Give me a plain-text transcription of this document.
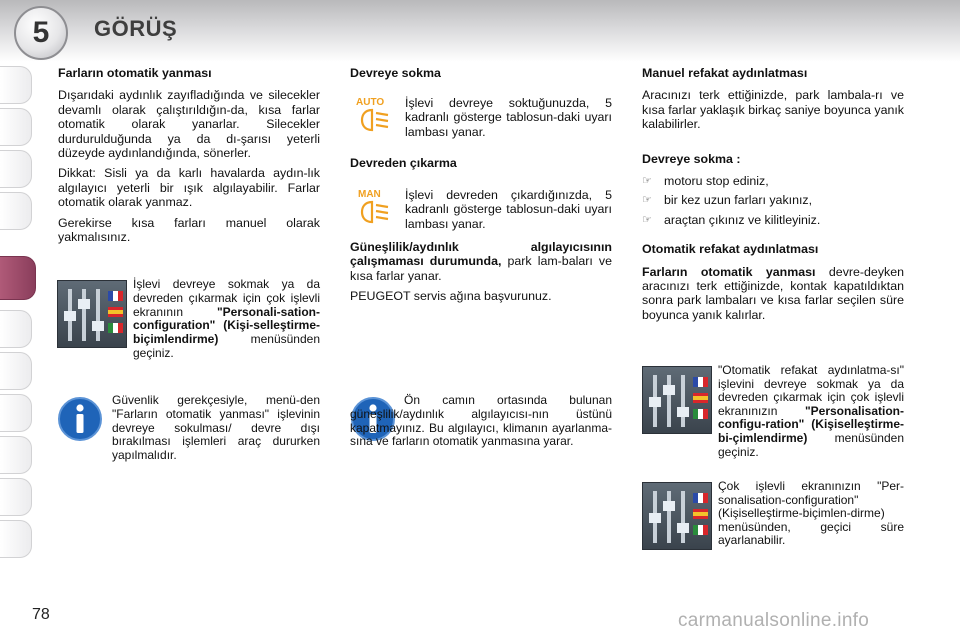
5 GÖRÜŞ
Farların otomatik yanması

Dışarıdaki aydınlık zayıfladığında ve silecekler devamlı olarak çalıştırıldığın-da, kısa farlar otomatik olarak yanarlar. Silecekler durdurulduğunda ya da dı-şarısı yeterli düzeyde aydınlandığında, sönerler.

Dikkat: Sisli ya da karlı havalarda aydın-lık algılayıcı yeterli bir ışık algılayabilir. Farlar otomatik olarak yanmaz.

Gerekirse kısa farları manuel olarak yakmalısınız.

İşlevi devreye sokmak ya da devreden çıkarmak için çok işlevli ekranının "Personali-sation-configuration" (Kişi-selleştirme-biçimlendirme) menüsünden geçiniz.

Güvenlik gerekçesiyle, menü-den "Farların otomatik yanması" işlevinin devreye sokulması/ devre dışı bırakılması işlemleri araç dururken yapılmalıdır.

Devreye sokma
AUTO İşlevi devreye soktuğunuzda, 5 kadranlı gösterge tablosun-daki uyarı lambası yanar.

Devreden çıkarma
MAN İşlevi devreden çıkardığınızda, 5 kadranlı gösterge tablosun-daki uyarı lambası yanar.

Güneşlilik/aydınlık algılayıcısının çalışmaması durumunda, park lam-baları ve kısa farlar yanar.

PEUGEOT servis ağına başvurunuz.

Ön camın ortasında bulunan güneşlilik/aydınlık algılayıcısı-nın üstünü kapatmayınız. Bu algılayıcı, klimanın ayarlanma-sına ve farların otomatik yanmasına yarar.

Manuel refakat aydınlatması

Aracınızı terk ettiğinizde, park lambala-rı ve kısa farlar yaklaşık birkaç saniye boyunca yanık kalabilirler.

Devreye sokma :
☞ motoru stop ediniz,
☞ bir kez uzun farları yakınız,
☞ araçtan çıkınız ve kilitleyiniz.
Otomatik refakat aydınlatması

Farların otomatik yanması devre-deyken aracınızı terk ettiğinizde, kontak kapatıldıktan sonra park lambaları ve kısa farlar seçilen süre boyunca yanık kalırlar.

"Otomatik refakat aydınlatma-sı" işlevini devreye sokmak ya da devreden çıkarmak için çok işlevli ekranınızın "Personalisation-configu-ration" (Kişiselleştirme-bi-çimlendirme) menüsünden geçiniz.

Çok işlevli ekranınızın "Per-sonalisation-configuration" (Kişiselleştirme-biçimlen-dirme) menüsünden, geçici süre ayarlanabilir.

78	carmanualsonline.info
